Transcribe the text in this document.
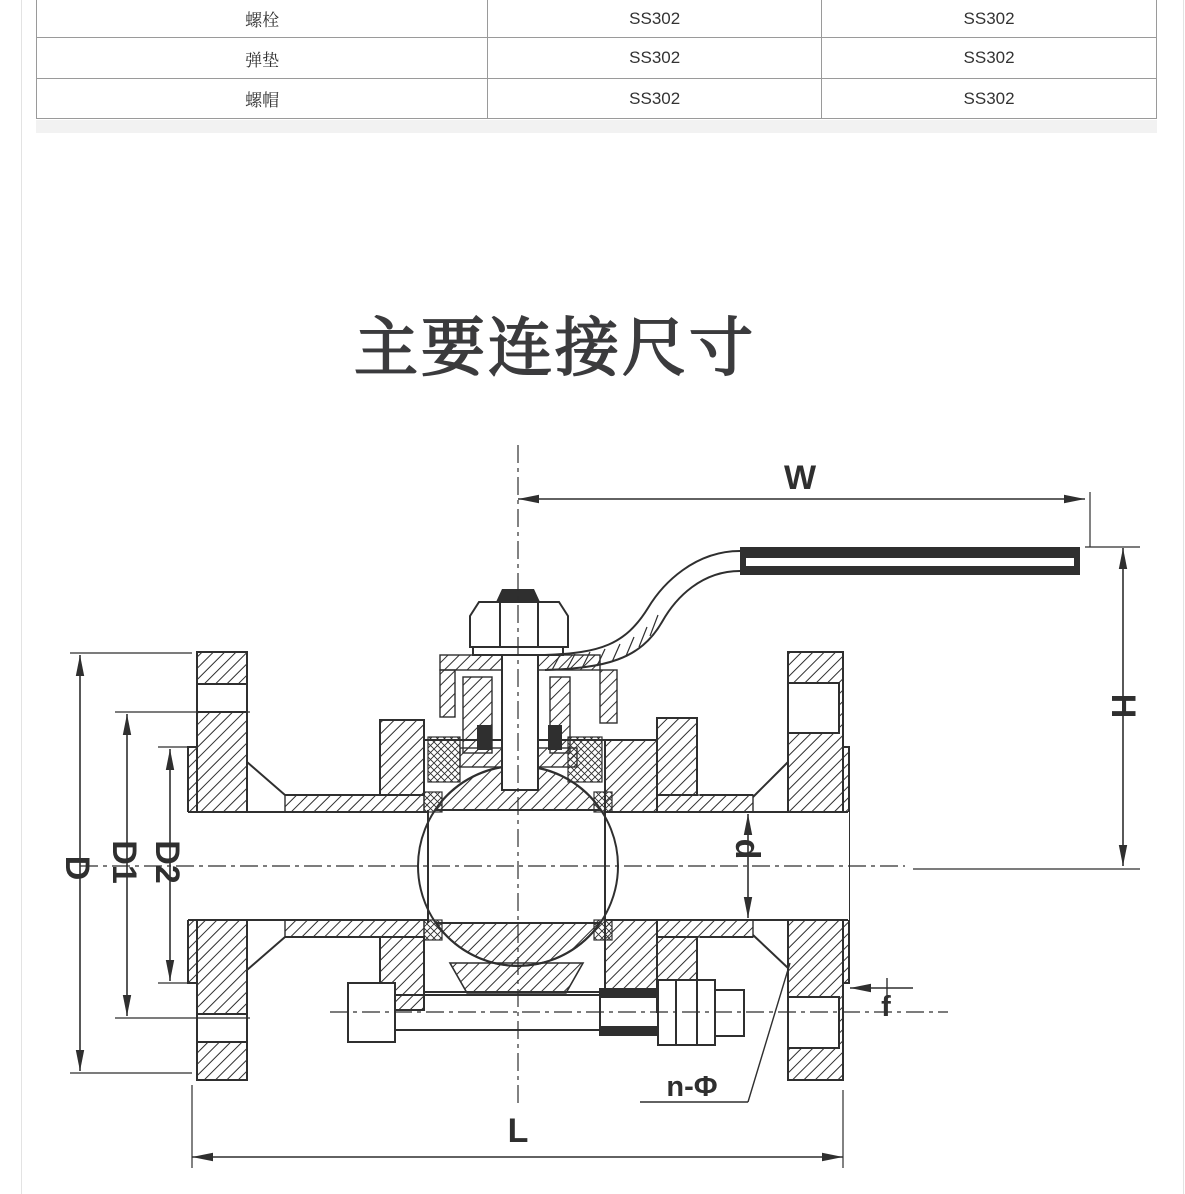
螺栓	SS302	SS302
弹垫	SS302	SS302
螺帽	SS302	SS302
主要连接尺寸
W
H
D D1 D2	d
f
n-Φ
L
